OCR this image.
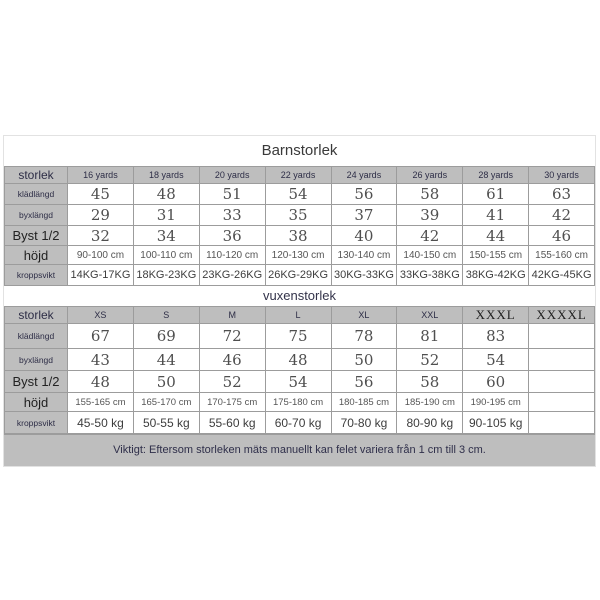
Barnstorlek
storlek	16 yards	18 yards	20 yards	22 yards	24 yards	26 yards	28 yards	30 yards
klädlängd	45	48	51	54	56	58	61	63
byxlängd	29	31	33	35	37	39	41	42
Byst 1/2	32	34	36	38	40	42	44	46
höjd	90-100 cm	100-110 cm	110-120 cm	120-130 cm	130-140 cm	140-150 cm	150-155 cm	155-160 cm
kroppsvikt	14KG-17KG	18KG-23KG	23KG-26KG	26KG-29KG	30KG-33KG	33KG-38KG	38KG-42KG	42KG-45KG
vuxenstorlek
storlek	XS	S	M	L	XL	XXL	XXXL	XXXXL
klädlängd	67	69	72	75	78	81	83	
byxlängd	43	44	46	48	50	52	54	
Byst 1/2	48	50	52	54	56	58	60	
höjd	155-165 cm	165-170 cm	170-175 cm	175-180 cm	180-185 cm	185-190 cm	190-195 cm	
kroppsvikt	45-50 kg	50-55 kg	55-60 kg	60-70 kg	70-80 kg	80-90 kg	90-105 kg	
Viktigt: Eftersom storleken mäts manuellt kan felet variera från 1 cm till 3 cm.
